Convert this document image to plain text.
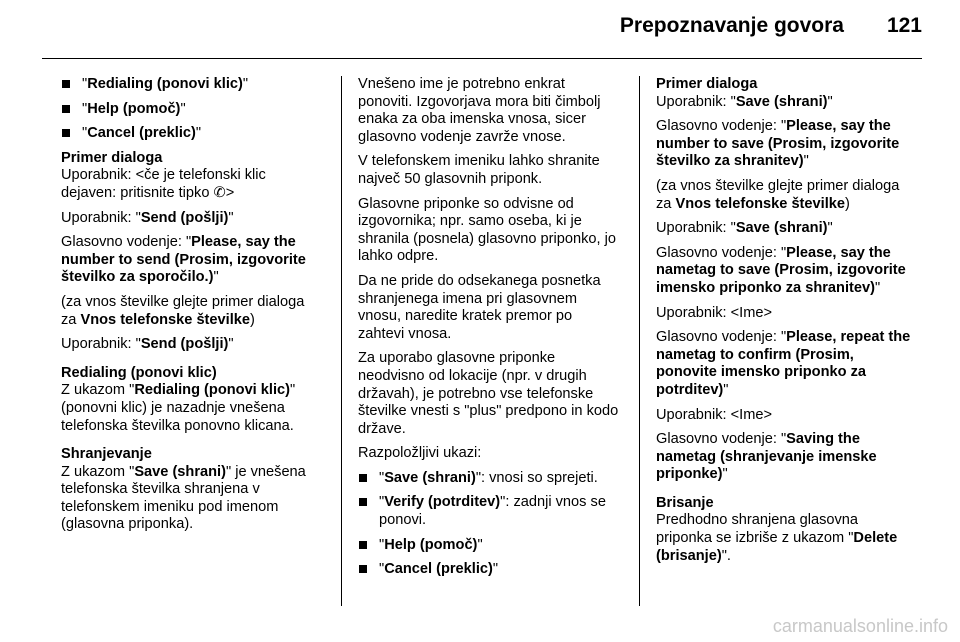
Prepoznavanje govora	121
"Redialing (ponovi klic)"
"Help (pomoč)"
"Cancel (preklic)"
Primer dialoga

Uporabnik: <če je telefonski klic dejaven: pritisnite tipko ✆>

Uporabnik: "Send (pošlji)"

Glasovno vodenje: "Please, say the number to send (Prosim, izgovorite številko za sporočilo.)"

(za vnos številke glejte primer dialoga za Vnos telefonske številke)

Uporabnik: "Send (pošlji)"

Redialing (ponovi klic)

Z ukazom "Redialing (ponovi klic)" (ponovni klic) je nazadnje vnešena telefonska številka ponovno klicana.

Shranjevanje

Z ukazom "Save (shrani)" je vnešena telefonska številka shranjena v telefonskem imeniku pod imenom (glasovna priponka).

Vnešeno ime je potrebno enkrat ponoviti. Izgovorjava mora biti čimbolj enaka za oba imenska vnosa, sicer glasovno vodenje zavrže vnose.

V telefonskem imeniku lahko shranite največ 50 glasovnih priponk.

Glasovne priponke so odvisne od izgovornika; npr. samo oseba, ki je shranila (posnela) glasovno priponko, jo lahko odpre.

Da ne pride do odsekanega posnetka shranjenega imena pri glasovnem vnosu, naredite kratek premor po zahtevi vnosa.

Za uporabo glasovne priponke neodvisno od lokacije (npr. v drugih državah), je potrebno vse telefonske številke vnesti s "plus" predpono in kodo države.

Razpoložljivi ukazi:

"Save (shrani)": vnosi so sprejeti.
"Verify (potrditev)": zadnji vnos se ponovi.
"Help (pomoč)"
"Cancel (preklic)"
Primer dialoga

Uporabnik: "Save (shrani)"

Glasovno vodenje: "Please, say the number to save (Prosim, izgovorite številko za shranitev)"

(za vnos številke glejte primer dialoga za Vnos telefonske številke)

Uporabnik: "Save (shrani)"

Glasovno vodenje: "Please, say the nametag to save (Prosim, izgovorite imensko priponko za shranitev)"

Uporabnik: <Ime>

Glasovno vodenje: "Please, repeat the nametag to confirm (Prosim, ponovite imensko priponko za potrditev)"

Uporabnik: <Ime>

Glasovno vodenje: "Saving the nametag (shranjevanje imenske priponke)"

Brisanje

Predhodno shranjena glasovna priponka se izbriše z ukazom "Delete (brisanje)".

carmanualsonline.info
